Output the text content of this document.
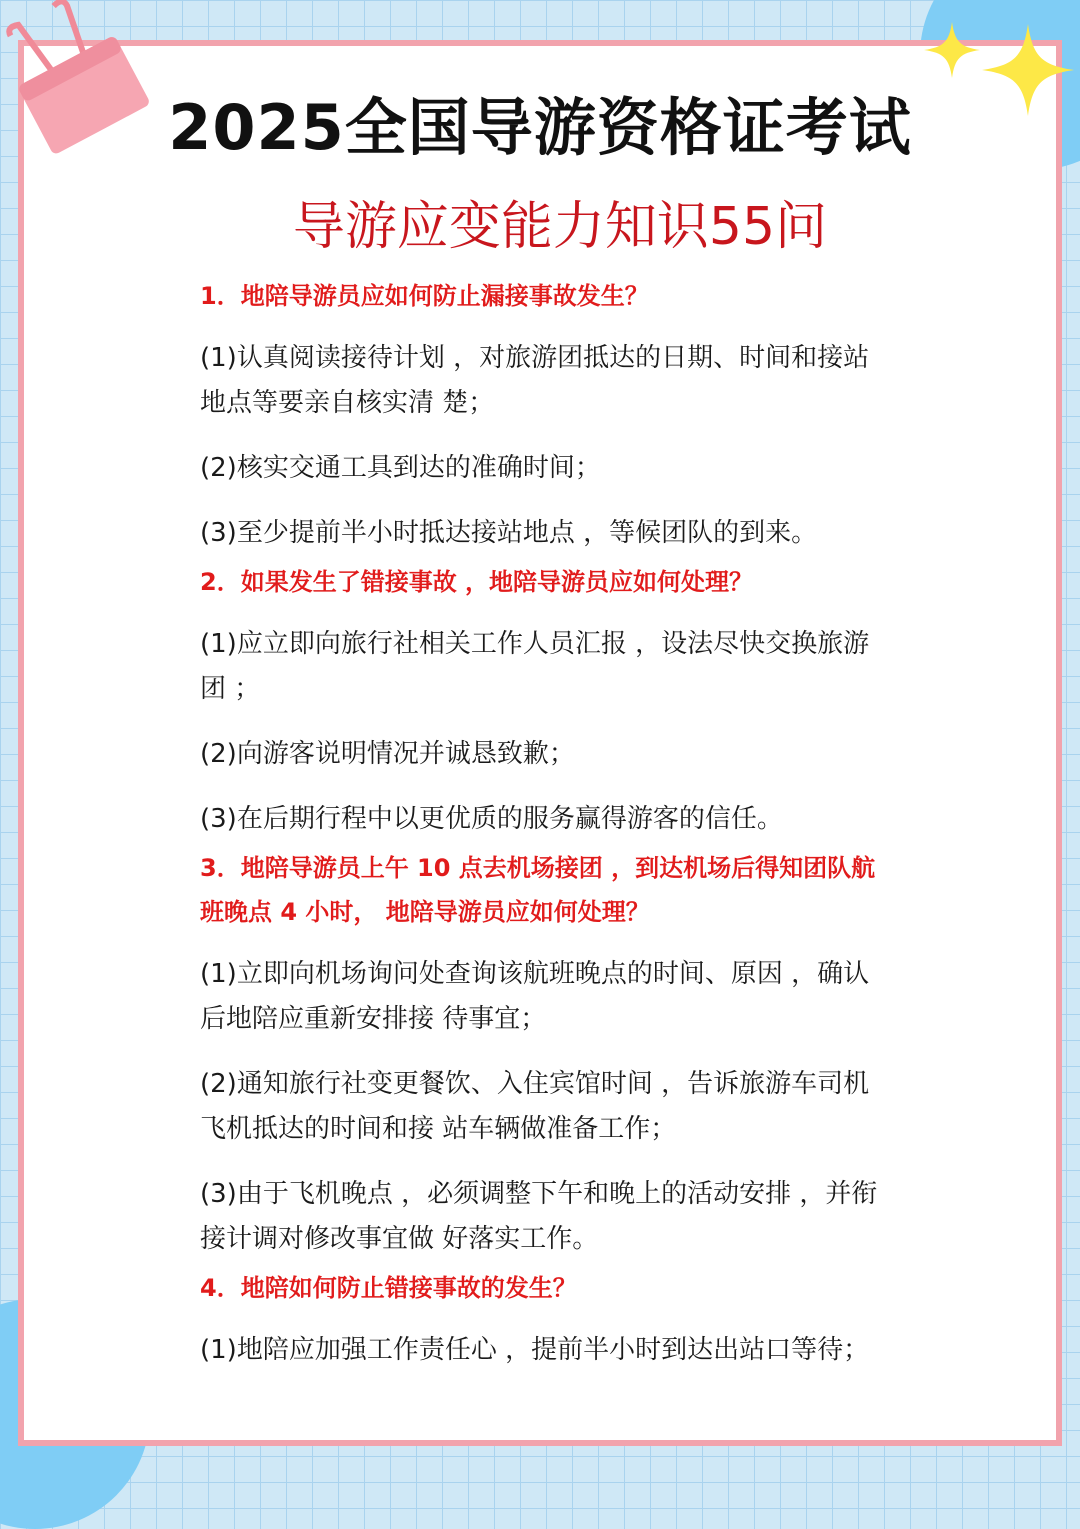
2025全国导游资格证考试
导游应变能力知识55问

1．地陪导游员应如何防止漏接事故发生？

(1)认真阅读接待计划 ，对旅游团抵达的日期、时间和接站地点等要亲自核实清 楚；

(2)核实交通工具到达的准确时间；

(3)至少提前半小时抵达接站地点 ，等候团队的到来。

2．如果发生了错接事故 ，地陪导游员应如何处理？

(1)应立即向旅行社相关工作人员汇报 ，设法尽快交换旅游团 ；

(2)向游客说明情况并诚恳致歉；

(3)在后期行程中以更优质的服务赢得游客的信任。

3．地陪导游员上午 10 点去机场接团 ，到达机场后得知团队航班晚点 4 小时， 地陪导游员应如何处理？

(1)立即向机场询问处查询该航班晚点的时间、原因 ，确认后地陪应重新安排接 待事宜；

(2)通知旅行社变更餐饮、入住宾馆时间 ，告诉旅游车司机飞机抵达的时间和接 站车辆做准备工作；

(3)由于飞机晚点 ，必须调整下午和晚上的活动安排 ，并衔接计调对修改事宜做 好落实工作。

4．地陪如何防止错接事故的发生？

(1)地陪应加强工作责任心 ，提前半小时到达出站口等待；
